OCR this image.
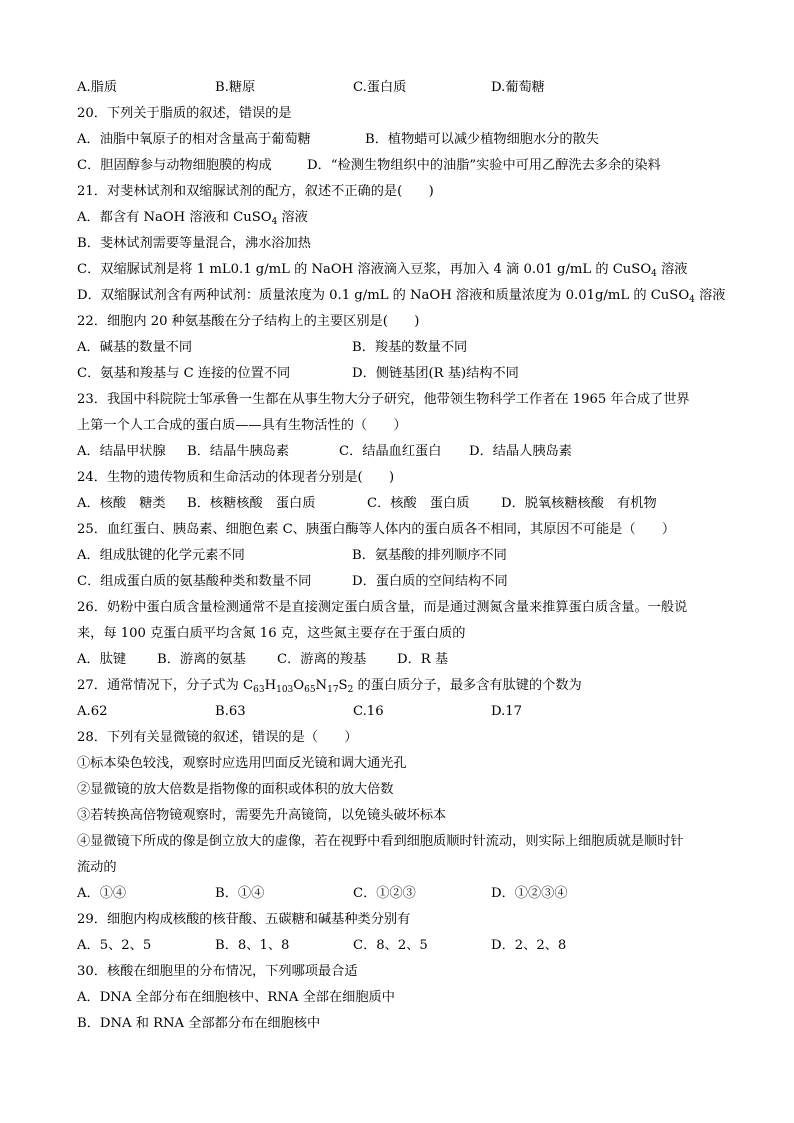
A.脂质	B.糖原	C.蛋白质	D.葡萄糖
20．下列关于脂质的叙述，错误的是
A．油脂中氧原子的相对含量高于葡萄糖	B．植物蜡可以减少植物细胞水分的散失
C．胆固醇参与动物细胞膜的构成	D．“检测生物组织中的油脂”实验中可用乙醇洗去多余的染料
21．对斐林试剂和双缩脲试剂的配方，叙述不正确的是(　　)
A．都含有 NaOH 溶液和 CuSO$_4$ 溶液
B．斐林试剂需要等量混合，沸水浴加热
C．双缩脲试剂是将 1 mL0.1 g/mL 的 NaOH 溶液滴入豆浆，再加入 4 滴 0.01 g/mL 的 CuSO$_4$ 溶液
D．双缩脲试剂含有两种试剂：质量浓度为 0.1 g/mL 的 NaOH 溶液和质量浓度为 0.01g/mL 的 CuSO$_4$ 溶液
22．细胞内 20 种氨基酸在分子结构上的主要区别是(　　)
A．碱基的数量不同	B．羧基的数量不同
C．氨基和羧基与 C 连接的位置不同	D．侧链基团(R 基)结构不同
23．我国中科院院士邹承鲁一生都在从事生物大分子研究，他带领生物科学工作者在 1965 年合成了世界
上第一个人工合成的蛋白质——具有生物活性的（　　）
A．结晶甲状腺 B．结晶牛胰岛素	C．结晶血红蛋白 D．结晶人胰岛素
24．生物的遗传物质和生命活动的体现者分别是(　　)
A．核酸　糖类 B．核糖核酸　蛋白质	C．核酸　蛋白质 D．脱氧核糖核酸　有机物
25．血红蛋白、胰岛素、细胞色素 C、胰蛋白酶等人体内的蛋白质各不相同，其原因不可能是（　　）
A．组成肽键的化学元素不同	B．氨基酸的排列顺序不同
C．组成蛋白质的氨基酸种类和数量不同	D．蛋白质的空间结构不同
26．奶粉中蛋白质含量检测通常不是直接测定蛋白质含量，而是通过测氮含量来推算蛋白质含量。一般说
来，每 100 克蛋白质平均含氮 16 克，这些氮主要存在于蛋白质的
A．肽键 B．游离的氨基 C．游离的羧基 D．R 基
27．通常情况下，分子式为 $C_{63}H_{103}O_{65}N_{17}S_2$ 的蛋白质分子，最多含有肽键的个数为
A.62	B.63	C.16	D.17
28．下列有关显微镜的叙述，错误的是（　　）
①标本染色较浅，观察时应选用凹面反光镜和调大通光孔
②显微镜的放大倍数是指物像的面积或体积的放大倍数
③若转换高倍物镜观察时，需要先升高镜筒，以免镜头破坏标本
④显微镜下所成的像是倒立放大的虚像，若在视野中看到细胞质顺时针流动，则实际上细胞质就是顺时针
流动的
A．①④	B．①④	C．①②③	D．①②③④
29．细胞内构成核酸的核苷酸、五碳糖和碱基种类分别有
A．5、2、5	B．8、1、8	C．8、2、5	D．2、2、8
30．核酸在细胞里的分布情况，下列哪项最合适
A．DNA 全部分布在细胞核中、RNA 全部在细胞质中
B．DNA 和 RNA 全部都分布在细胞核中
